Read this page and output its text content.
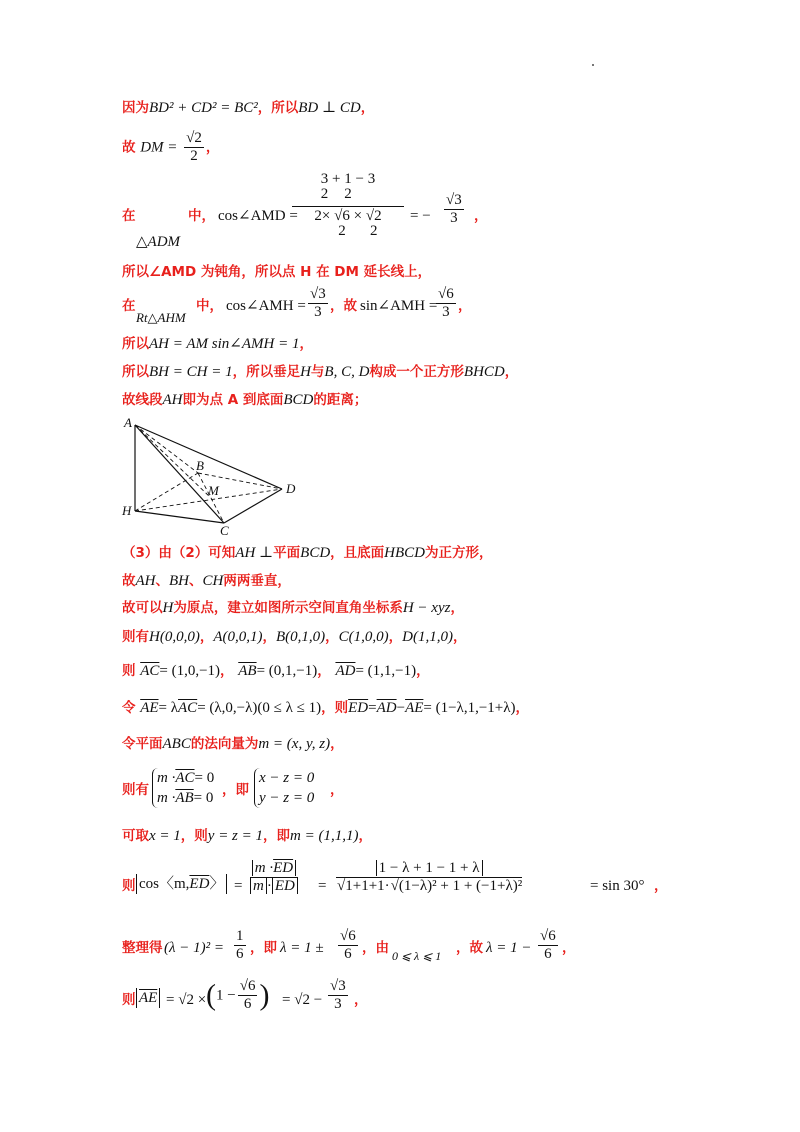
因为BD² + CD² = BC²，所以BD ⊥ CD，
故 DM = $\frac{√2}{2}$ ，
在
△ADM
中， cos∠AMD =
3
2 + 1
2 − 3
2× √6
2 × √2
2
= − $\frac{√3}{3}$ ，
所以∠AMD 为钝角，所以点 H 在 DM 延长线上，
在
Rt△AHM
中， cos∠AMH = $\frac{√3}{3}$ ，故 sin∠AMH =
$\frac{√6}{3}$ ，
所以AH = AM sin∠AMH = 1，
所以BH = CH = 1，所以垂足H与B, C, D构成一个正方形BHCD，
故线段AH即为点 A 到底面BCD的距离；
A
B
M	D
H
C
（3）由（2）可知AH ⊥平面BCD，且底面HBCD为正方形，
故AH、BH、CH两两垂直，
故可以H为原点，建立如图所示空间直角坐标系H − xyz，
则有H(0,0,0)，A(0,0,1)，B(0,1,0)，C(1,0,0)，D(1,1,0)，
则 $\overline{AC}= (1,0,-1)$， $\overline{AB}= (0,1,-1)$， $\overline{AD}= (1,1,-1)$，
令 $\overline{AE}= \lambda\overline{AC}= (\lambda,0,-\lambda)(0 \le \lambda \le 1)$，则$\overline{ED}=\overline{AD}-\overline{AE}= (1-\lambda,1,-1+\lambda)$，
令平面ABC的法向量为m = (x, y, z)，
则有
$m \cdot\overline{AC}= 0$
$m \cdot\overline{AB}= 0$ ，即
x − z = 0
y − z = 0 ，
可取x = 1，则y = z = 1，即m = (1,1,1)，
则 cos〈$m,\overline{ED}$〉 = $\frac{m \cdot\overline{ED}}{m \cdot \overline{ED}} = \frac{1 - \lambda + 1 - 1 + \lambda}{\text{√1+1+1·√(1−λ)² + 1 + (−1+λ)²}}$	= sin 30° ，
整理得 $(\lambda - 1)^2 = \frac{1}{6}$ ，即 $\lambda = 1 \pm \frac{√6}{6}$ ，由 0 ⩽ λ ⩽ 1 ，故 $\lambda = 1 - \frac{√6}{6}$ ，
则 $\overline{AE} = √2 \times (1 - \frac{√6}{6}$ ) = $√2 - \frac{√3}{3}$ ，
